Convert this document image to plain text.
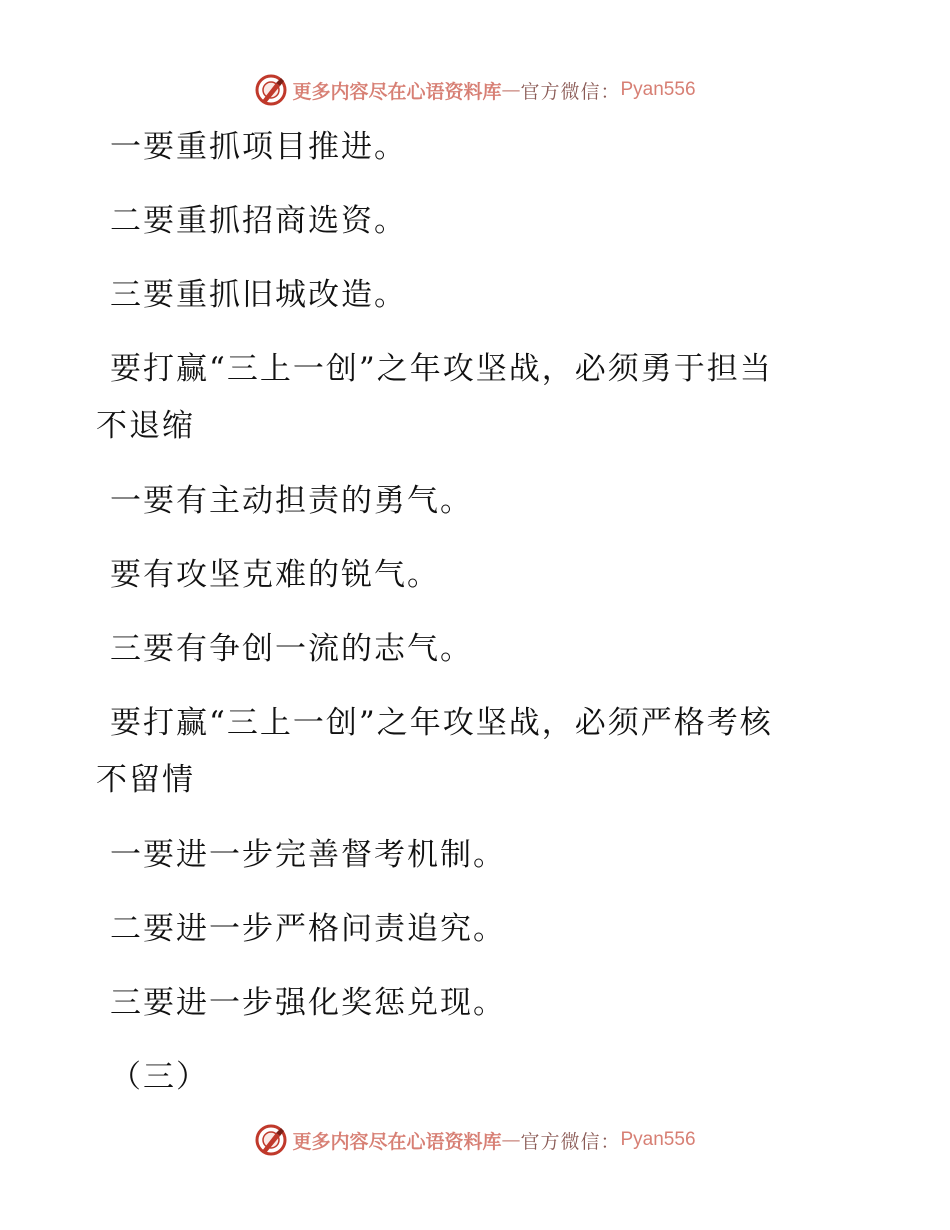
更多内容尽在心语资料库 — 官方微信： Pyan556
一要重抓项目推进。
二要重抓招商选资。
三要重抓旧城改造。
要打赢“三上一创”之年攻坚战，必须勇于担当
不退缩
一要有主动担责的勇气。
要有攻坚克难的锐气。
三要有争创一流的志气。
要打赢“三上一创”之年攻坚战，必须严格考核
不留情
一要进一步完善督考机制。
二要进一步严格问责追究。
三要进一步强化奖惩兑现。
（三）
更多内容尽在心语资料库 — 官方微信： Pyan556
